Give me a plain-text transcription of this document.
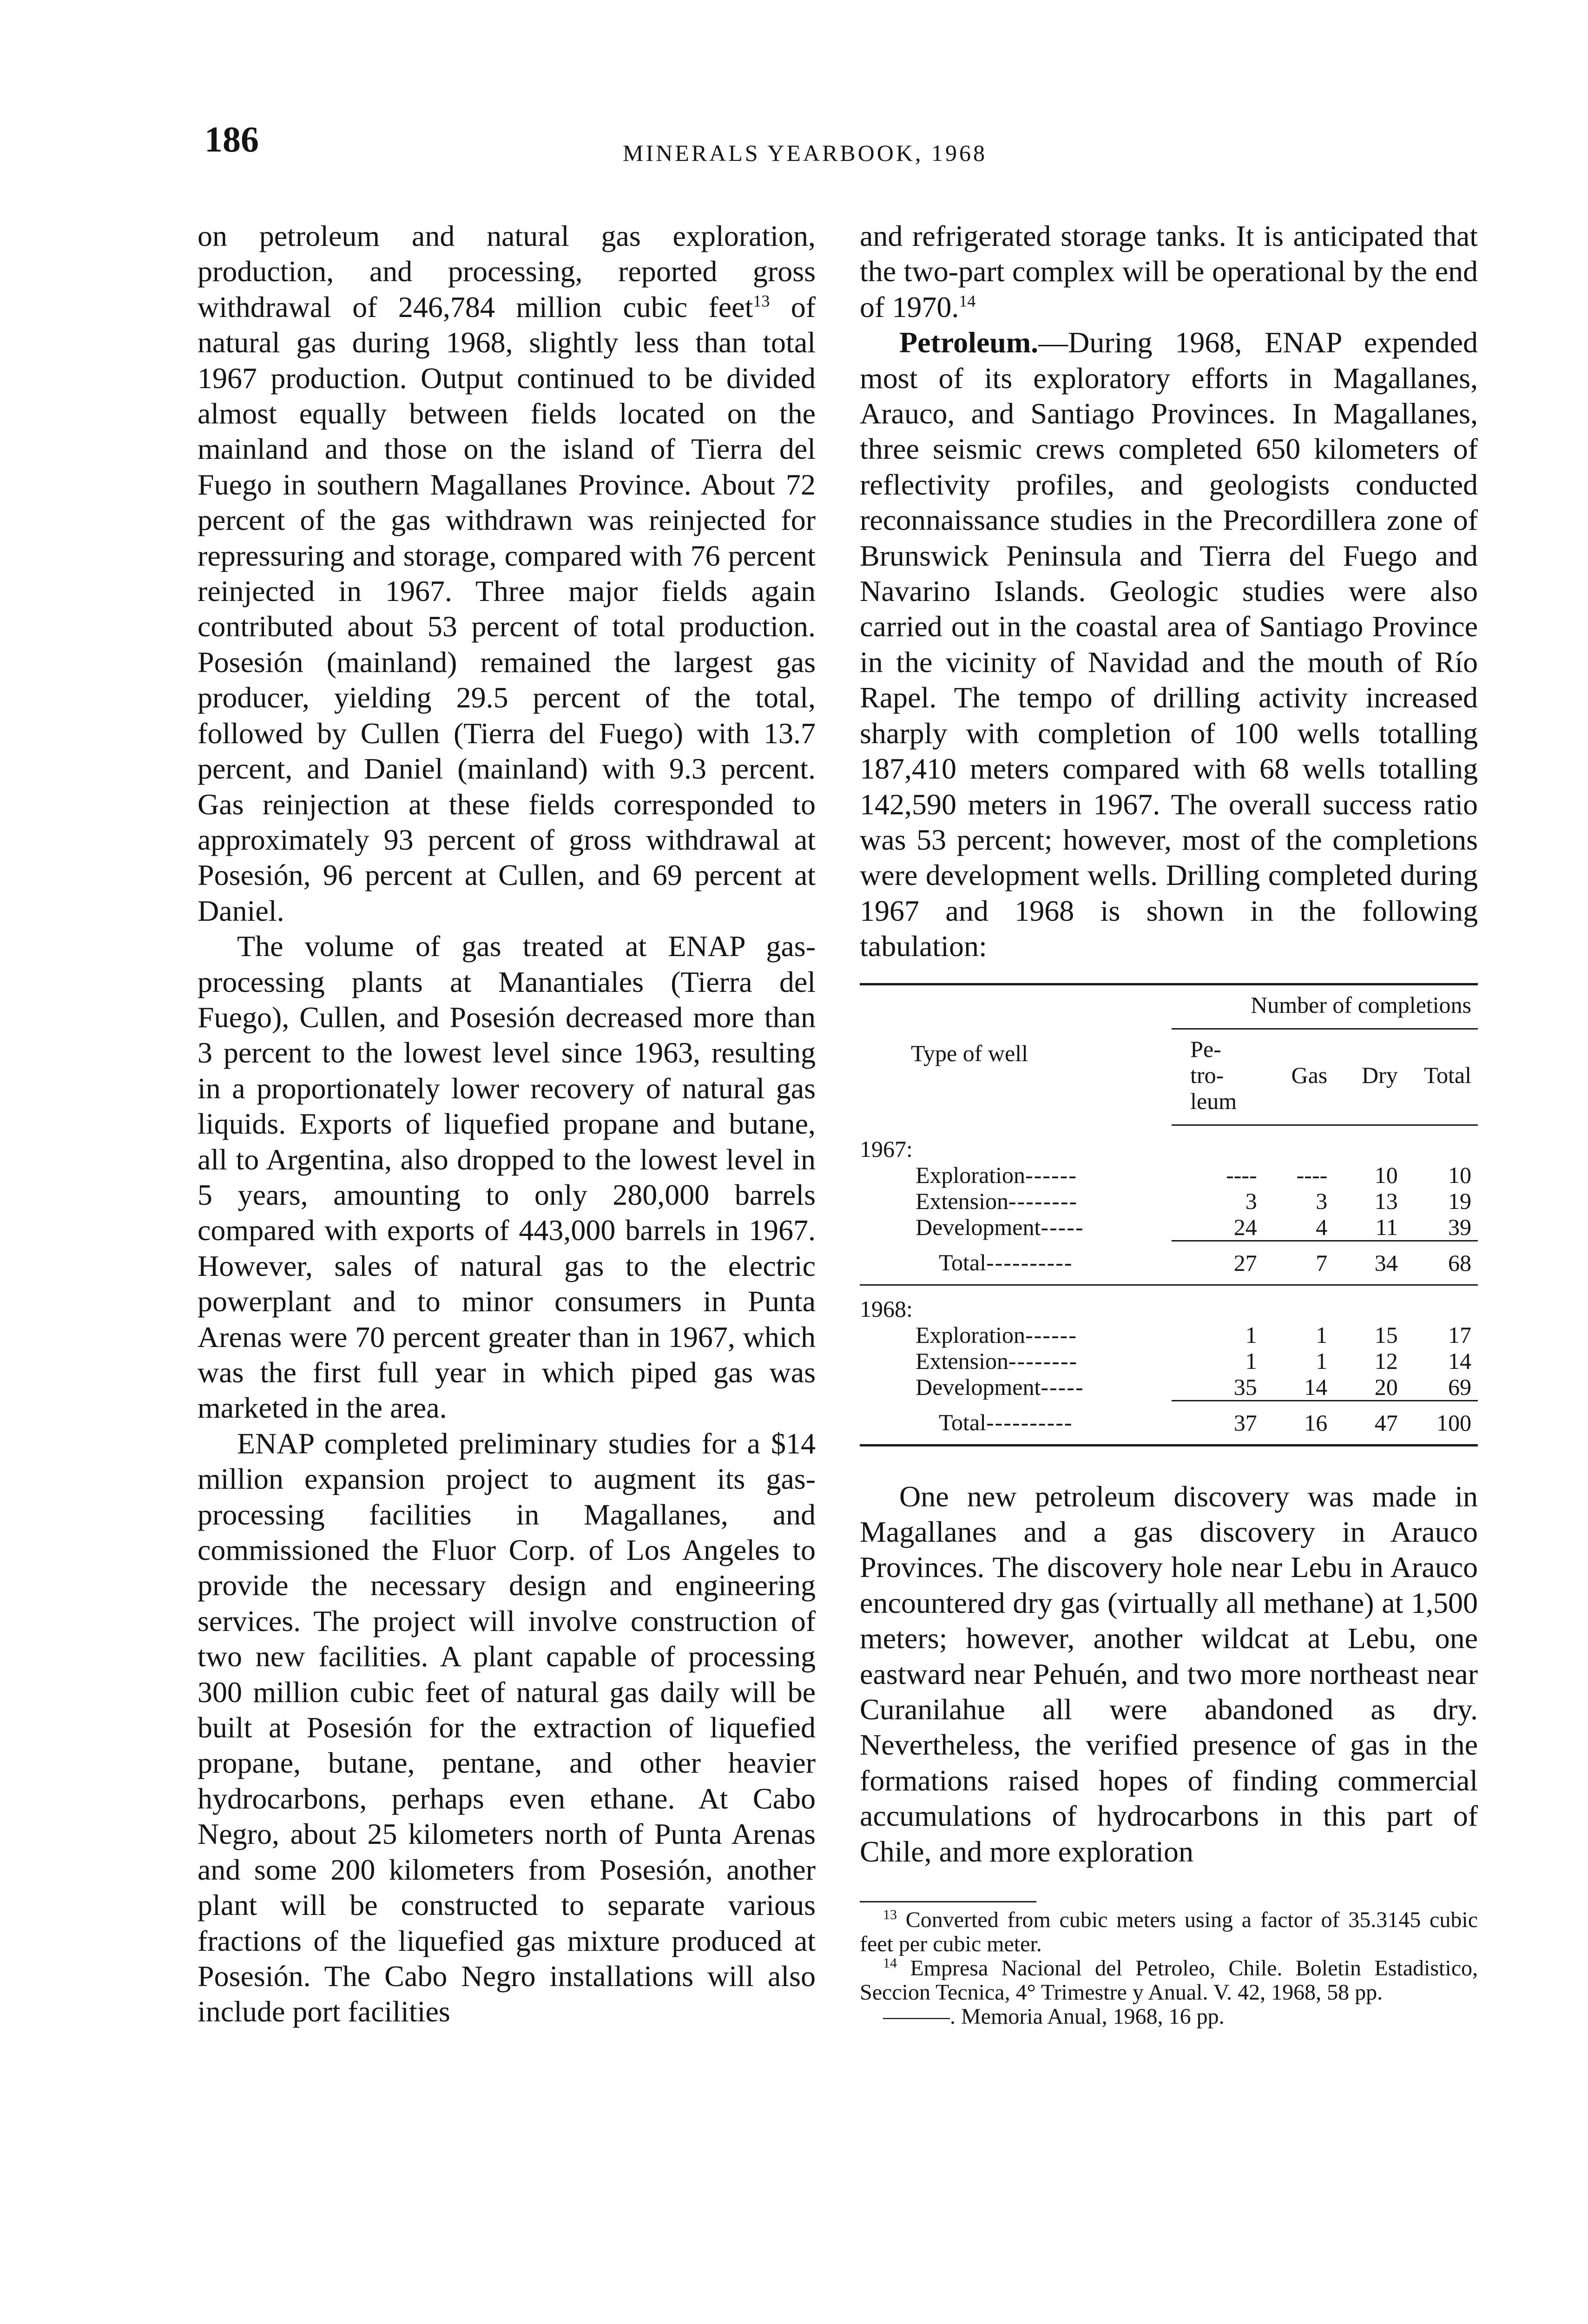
186	MINERALS YEARBOOK, 1968

on petroleum and natural gas exploration, production, and processing, reported gross withdrawal of 246,784 million cubic feet$^{13}$ of natural gas during 1968, slightly less than total 1967 production. Output continued to be divided almost equally between fields located on the mainland and those on the island of Tierra del Fuego in southern Magallanes Province. About 72 percent of the gas withdrawn was reinjected for repressuring and storage, compared with 76 percent reinjected in 1967. Three major fields again contributed about 53 percent of total production. Posesión (mainland) remained the largest gas producer, yielding 29.5 percent of the total, followed by Cullen (Tierra del Fuego) with 13.7 percent, and Daniel (mainland) with 9.3 percent. Gas reinjection at these fields corresponded to approximately 93 percent of gross withdrawal at Posesión, 96 percent at Cullen, and 69 percent at Daniel.

The volume of gas treated at ENAP gas-processing plants at Manantiales (Tierra del Fuego), Cullen, and Posesión decreased more than 3 percent to the lowest level since 1963, resulting in a proportionately lower recovery of natural gas liquids. Exports of liquefied propane and butane, all to Argentina, also dropped to the lowest level in 5 years, amounting to only 280,000 barrels compared with exports of 443,000 barrels in 1967. However, sales of natural gas to the electric powerplant and to minor consumers in Punta Arenas were 70 percent greater than in 1967, which was the first full year in which piped gas was marketed in the area.

ENAP completed preliminary studies for a $14 million expansion project to augment its gas-processing facilities in Magallanes, and commissioned the Fluor Corp. of Los Angeles to provide the necessary design and engineering services. The project will involve construction of two new facilities. A plant capable of processing 300 million cubic feet of natural gas daily will be built at Posesión for the extraction of liquefied propane, butane, pentane, and other heavier hydrocarbons, perhaps even ethane. At Cabo Negro, about 25 kilometers north of Punta Arenas and some 200 kilometers from Posesión, another plant will be constructed to separate various fractions of the liquefied gas mixture produced at Posesión. The Cabo Negro installations will also include port facilities

and refrigerated storage tanks. It is anticipated that the two-part complex will be operational by the end of 1970.14

Petroleum.—During 1968, ENAP expended most of its exploratory efforts in Magallanes, Arauco, and Santiago Provinces. In Magallanes, three seismic crews completed 650 kilometers of reflectivity profiles, and geologists conducted reconnaissance studies in the Precordillera zone of Brunswick Peninsula and Tierra del Fuego and Navarino Islands. Geologic studies were also carried out in the coastal area of Santiago Province in the vicinity of Navidad and the mouth of Río Rapel. The tempo of drilling activity increased sharply with completion of 100 wells totalling 187,410 meters compared with 68 wells totalling 142,590 meters in 1967. The overall success ratio was 53 percent; however, most of the completions were development wells. Drilling completed during 1967 and 1968 is shown in the following tabulation:

Type of well	Number of completions			
	Pe-
tro-
leum	Gas	Dry	Total
1967:				
Exploration------	----	----	10	10
Extension--------	3	3	13	19
Development-----	24	4	11	39
Total----------	27	7	34	68
1968:				
Exploration------	1	1	15	17
Extension--------	1	1	12	14
Development-----	35	14	20	69
Total----------	37	16	47	100

One new petroleum discovery was made in Magallanes and a gas discovery in Arauco Provinces. The discovery hole near Lebu in Arauco encountered dry gas (virtually all methane) at 1,500 meters; however, another wildcat at Lebu, one eastward near Pehuén, and two more northeast near Curanilahue all were abandoned as dry. Nevertheless, the verified presence of gas in the formations raised hopes of finding commercial accumulations of hydrocarbons in this part of Chile, and more exploration

$^{13}$ Converted from cubic meters using a factor of 35.3145 cubic feet per cubic meter.

$^{14}$ Empresa Nacional del Petroleo, Chile. Boletin Estadistico, Seccion Tecnica, 4° Trimestre y Anual. V. 42, 1968, 58 pp.

———. Memoria Anual, 1968, 16 pp.
